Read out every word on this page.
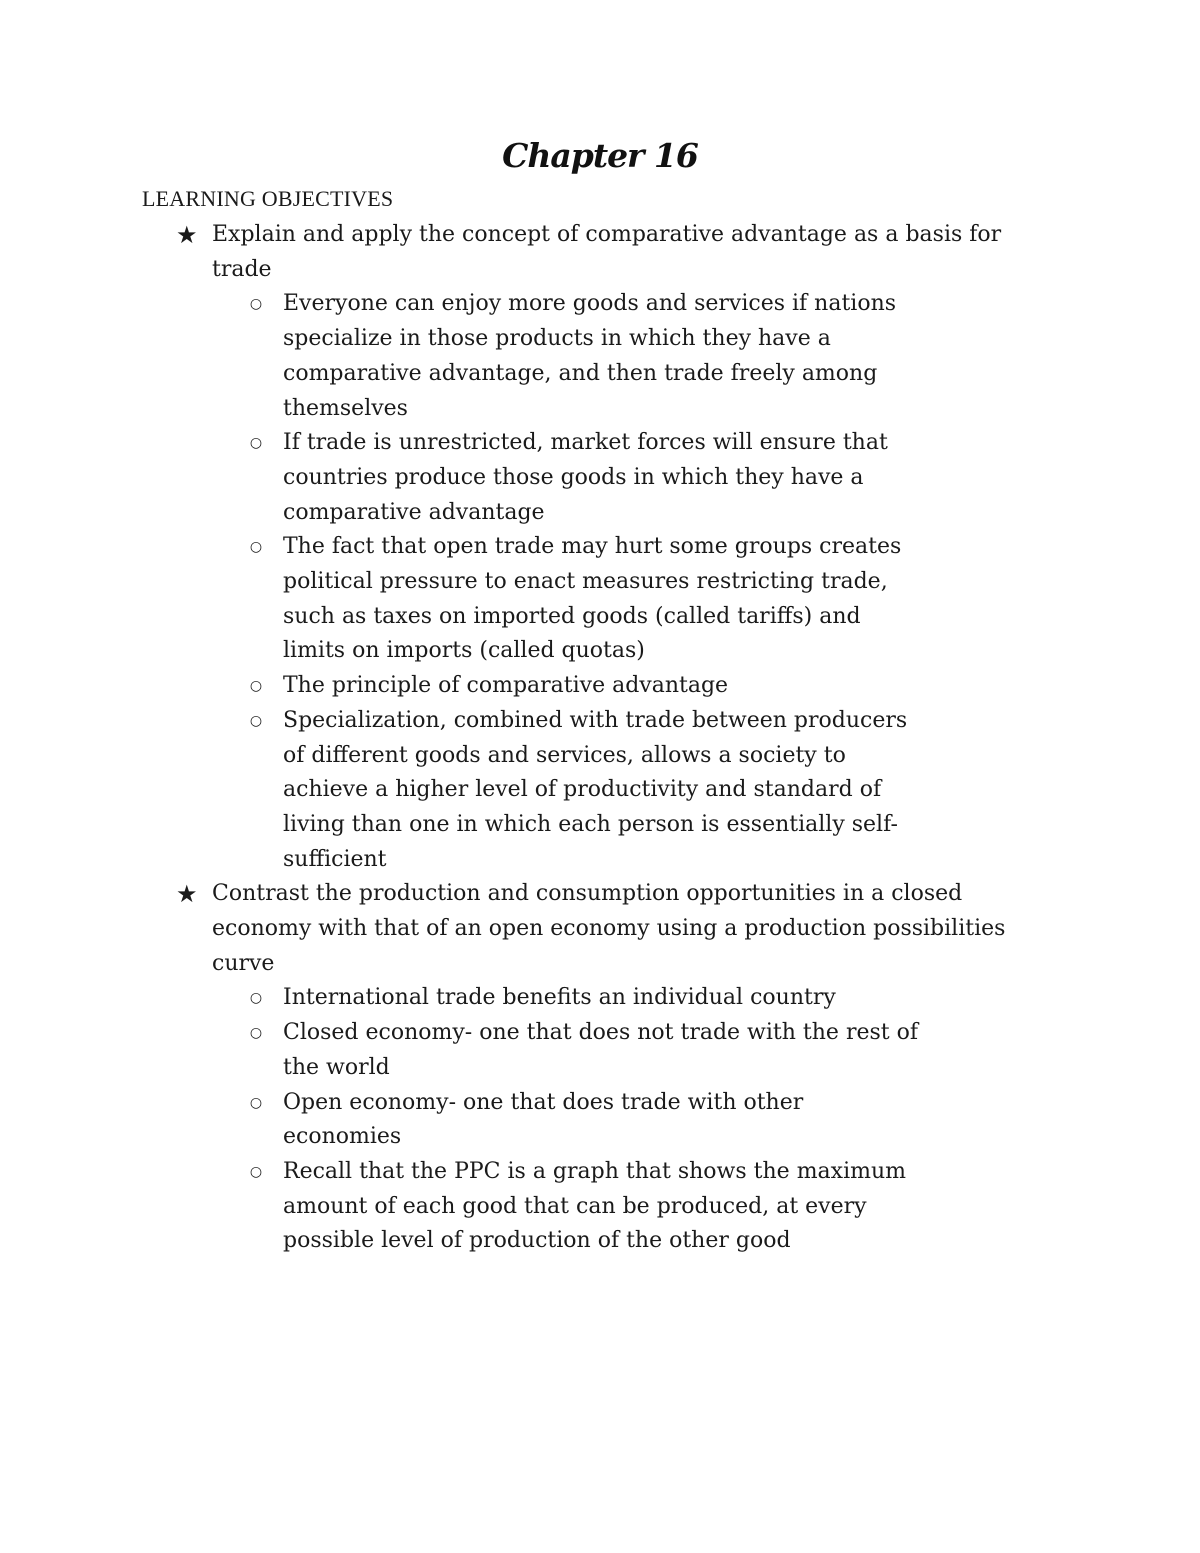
Chapter 16
LEARNING OBJECTIVES
★ Explain and apply the concept of comparative advantage as a basis for trade
○ Everyone can enjoy more goods and services if nations specialize in those products in which they have a comparative advantage, and then trade freely among themselves
○ If trade is unrestricted, market forces will ensure that countries produce those goods in which they have a comparative advantage
○ The fact that open trade may hurt some groups creates political pressure to enact measures restricting trade, such as taxes on imported goods (called tariffs) and limits on imports (called quotas)
○ The principle of comparative advantage
○ Specialization, combined with trade between producers of different goods and services, allows a society to achieve a higher level of productivity and standard of living than one in which each person is essentially self-sufficient
★ Contrast the production and consumption opportunities in a closed economy with that of an open economy using a production possibilities curve
○ International trade benefits an individual country
○ Closed economy- one that does not trade with the rest of the world
○ Open economy- one that does trade with other economies
○ Recall that the PPC is a graph that shows the maximum amount of each good that can be produced, at every possible level of production of the other good
